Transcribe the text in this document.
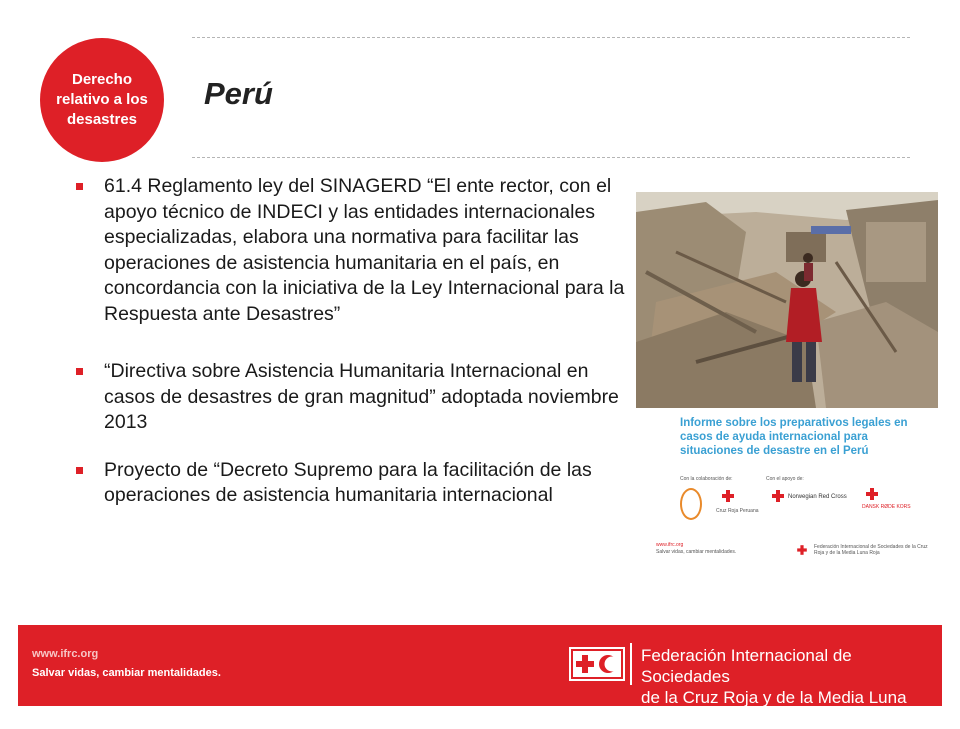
Derecho relativo a los desastres
Perú
61.4 Reglamento ley del SINAGERD “El ente rector, con el apoyo técnico de INDECI y las entidades internacionales especializadas, elabora una normativa para facilitar las operaciones de asistencia humanitaria en el país, en concordancia con la iniciativa de la Ley Internacional para la Respuesta ante Desastres”
“Directiva sobre Asistencia Humanitaria Internacional en casos de desastres de gran magnitud” adoptada noviembre 2013
Proyecto de “Decreto Supremo para la facilitación de las operaciones de asistencia humanitaria internacional
Informe sobre los preparativos legales en casos de ayuda internacional para situaciones de desastre en el Perú
Con la colaboración de:	Con el apoyo de:
Cruz Roja Peruana
Norwegian Red Cross
DANSK RØDE KORS
www.ifrc.org
Salvar vidas, cambiar mentalidades.
Federación Internacional de Sociedades de la Cruz Roja y de la Media Luna Roja
www.ifrc.org
Salvar vidas, cambiar mentalidades.
Federación Internacional de Sociedades
de la Cruz Roja y de la Media Luna Roja
